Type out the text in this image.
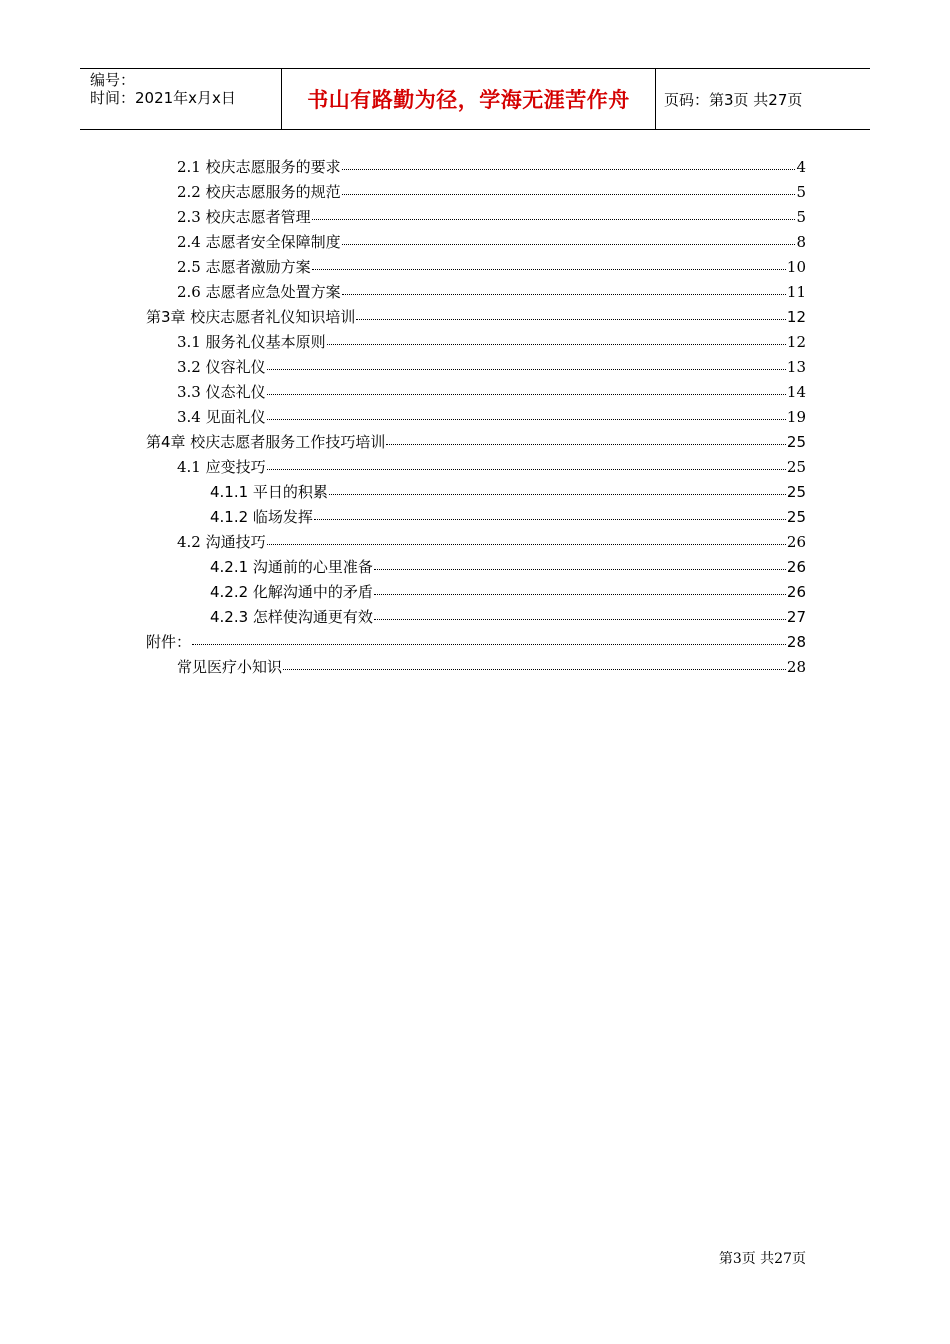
编号：
时间：2021年x月x日	书山有路勤为径，学海无涯苦作舟	页码：第3页 共27页
2.1 校庆志愿服务的要求	4
2.2 校庆志愿服务的规范	5
2.3 校庆志愿者管理	5
2.4 志愿者安全保障制度	8
2.5 志愿者激励方案	10
2.6 志愿者应急处置方案	11
第3章 校庆志愿者礼仪知识培训	12
3.1 服务礼仪基本原则	12
3.2 仪容礼仪	13
3.3 仪态礼仪	14
3.4 见面礼仪	19
第4章 校庆志愿者服务工作技巧培训	25
4.1 应变技巧	25
4.1.1 平日的积累	25
4.1.2 临场发挥	25
4.2 沟通技巧	26
4.2.1 沟通前的心里准备	26
4.2.2 化解沟通中的矛盾	26
4.2.3 怎样使沟通更有效	27
附件：	28
常见医疗小知识	28
第3页 共27页
